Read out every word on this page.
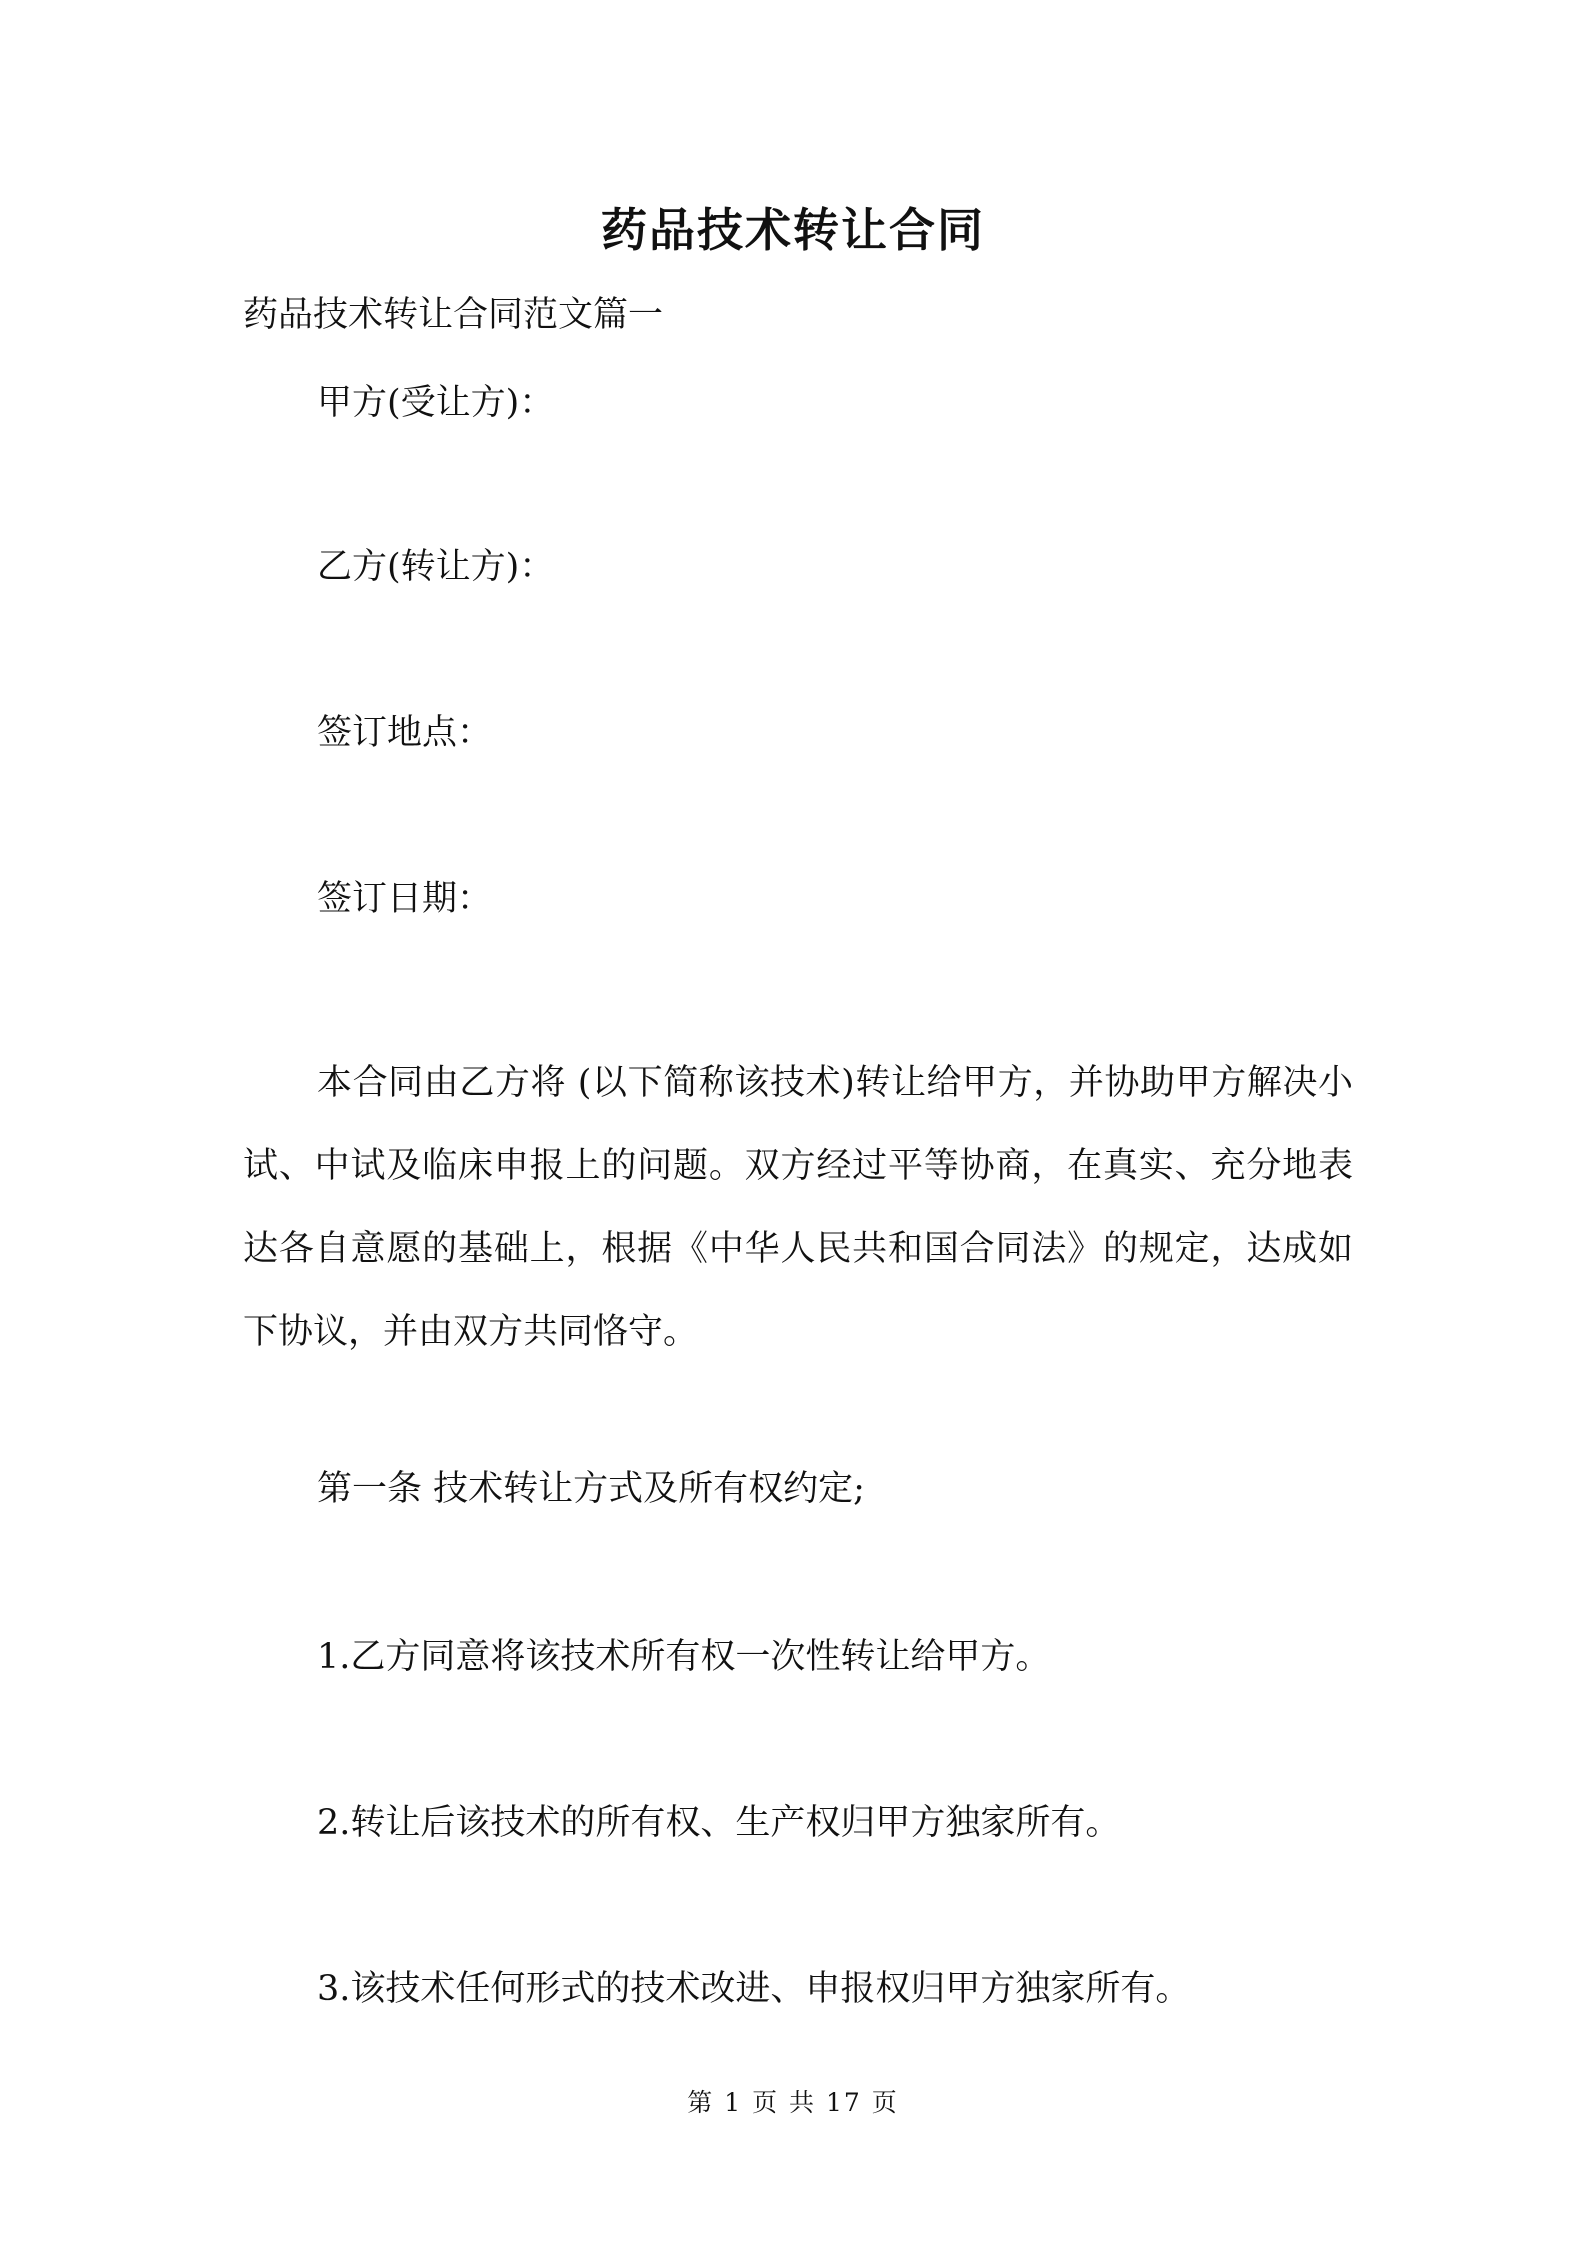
药品技术转让合同
药品技术转让合同范文篇一
甲方(受让方)：
乙方(转让方)：
签订地点：
签订日期：
本合同由乙方将 (以下简称该技术)转让给甲方，并协助甲方解决小试、中试及临床申报上的问题。双方经过平等协商，在真实、充分地表达各自意愿的基础上，根据《中华人民共和国合同法》的规定，达成如下协议，并由双方共同恪守。
第一条 技术转让方式及所有权约定;
1.乙方同意将该技术所有权一次性转让给甲方。
2.转让后该技术的所有权、生产权归甲方独家所有。
3.该技术任何形式的技术改进、申报权归甲方独家所有。
第 1 页 共 17 页
